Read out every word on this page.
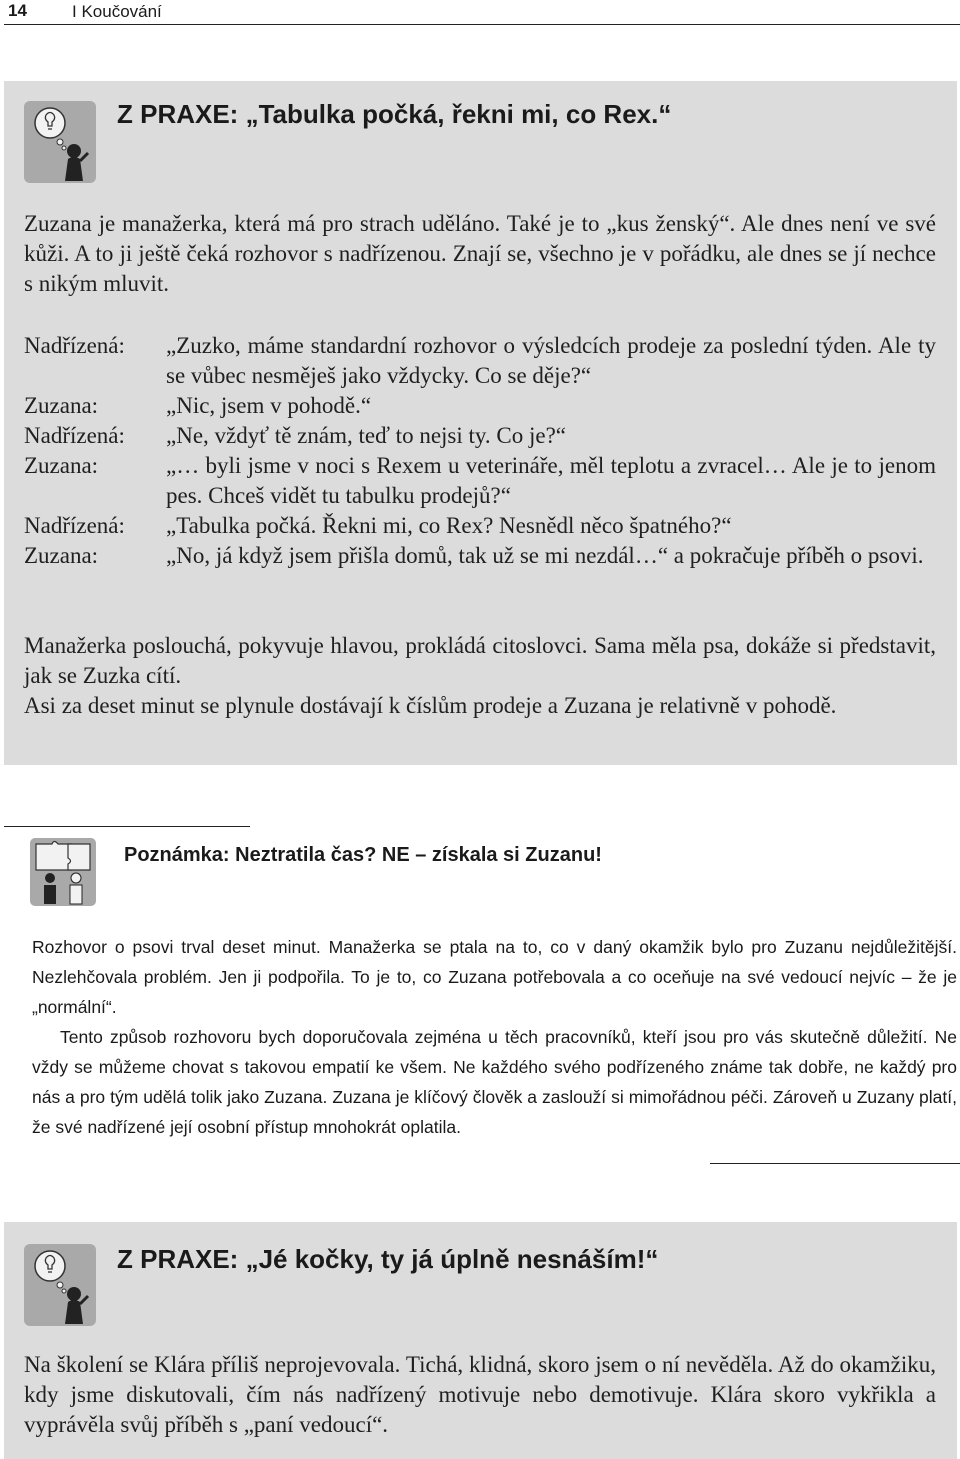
14	I Koučování
Z PRAXE: „Tabulka počká, řekni mi, co Rex.“

Zuzana je manažerka, která má pro strach uděláno. Také je to „kus ženský“. Ale dnes není ve své kůži. A to ji ještě čeká rozhovor s nadřízenou. Znají se, všechno je v pořádku, ale dnes se jí nechce s nikým mluvit.

Nadřízená: „Zuzko, máme standardní rozhovor o výsledcích prodeje za poslední týden. Ale ty se vůbec nesměješ jako vždycky. Co se děje?“
Zuzana:	„Nic, jsem v pohodě.“
Nadřízená: „Ne, vždyť tě znám, teď to nejsi ty. Co je?“
Zuzana:	„… byli jsme v noci s Rexem u veterináře, měl teplotu a zvracel… Ale je to jenom pes. Chceš vidět tu tabulku prodejů?“
Nadřízená: „Tabulka počká. Řekni mi, co Rex? Nesnědl něco špatného?“
Zuzana:	„No, já když jsem přišla domů, tak už se mi nezdál…“ a pokračuje příběh o psovi.

Manažerka poslouchá, pokyvuje hlavou, prokládá citoslovci. Sama měla psa, dokáže si představit, jak se Zuzka cítí.

Asi za deset minut se plynule dostávají k číslům prodeje a Zuzana je relativně v pohodě.

Poznámka: Neztratila čas? NE – získala si Zuzanu!

Rozhovor o psovi trval deset minut. Manažerka se ptala na to, co v daný okamžik bylo pro Zuzanu nejdůležitější. Nezlehčovala problém. Jen ji podpořila. To je to, co Zuzana potřebovala a co oceňuje na své vedoucí nejvíc – že je „normální“.

Tento způsob rozhovoru bych doporučovala zejména u těch pracovníků, kteří jsou pro vás skutečně důležití. Ne vždy se můžeme chovat s takovou empatií ke všem. Ne každého svého podřízeného známe tak dobře, ne každý pro nás a pro tým udělá tolik jako Zuzana. Zuzana je klíčový člověk a zaslouží si mimořádnou péči. Zároveň u Zuzany platí, že své nadřízené její osobní přístup mnohokrát oplatila.

Z PRAXE: „Jé kočky, ty já úplně nesnáším!“

Na školení se Klára příliš neprojevovala. Tichá, klidná, skoro jsem o ní nevěděla. Až do okamžiku, kdy jsme diskutovali, čím nás nadřízený motivuje nebo demotivuje. Klára skoro vykřikla a vyprávěla svůj příběh s „paní vedoucí“.
